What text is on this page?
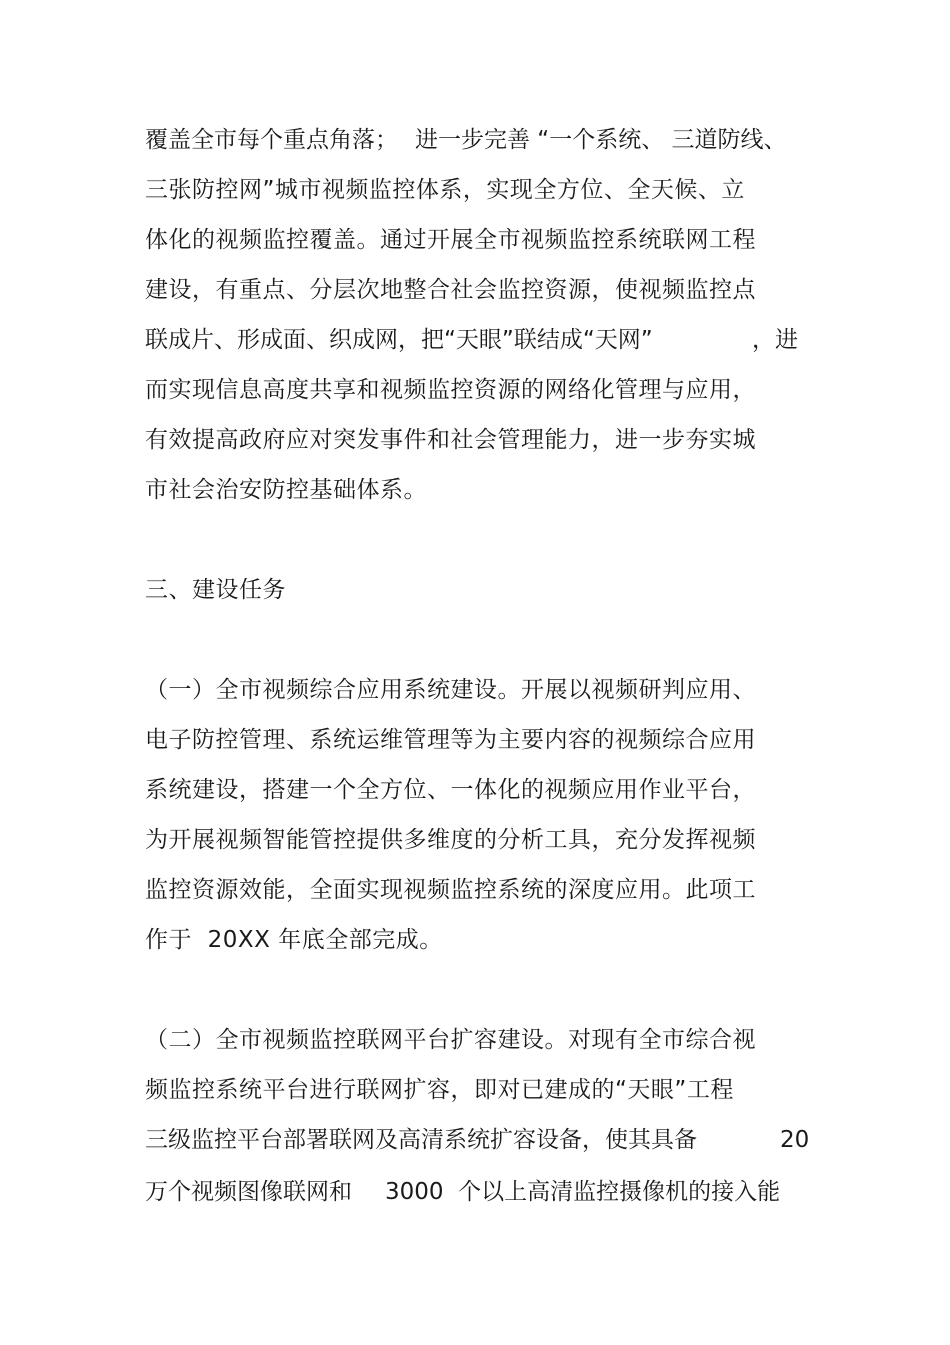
覆盖全市每个重点角落； 进一步完善 “一个系统、 三道防线、
三张防控网”城市视频监控体系，实现全方位、全天候、立
体化的视频监控覆盖。通过开展全市视频监控系统联网工程
建设，有重点、分层次地整合社会监控资源，使视频监控点
联成片、形成面、织成网，把“天眼”联结成“天网”	，进
而实现信息高度共享和视频监控资源的网络化管理与应用，
有效提高政府应对突发事件和社会管理能力，进一步夯实城
市社会治安防控基础体系。
三、建设任务
（一）全市视频综合应用系统建设。开展以视频研判应用、
电子防控管理、系统运维管理等为主要内容的视频综合应用
系统建设，搭建一个全方位、一体化的视频应用作业平台，
为开展视频智能管控提供多维度的分析工具，充分发挥视频
监控资源效能，全面实现视频监控系统的深度应用。此项工
作于  20XX 年底全部完成。
（二）全市视频监控联网平台扩容建设。对现有全市综合视
频监控系统平台进行联网扩容，即对已建成的“天眼”工程
三级监控平台部署联网及高清系统扩容设备，使其具备	20
万个视频图像联网和 3000  个以上高清监控摄像机的接入能
